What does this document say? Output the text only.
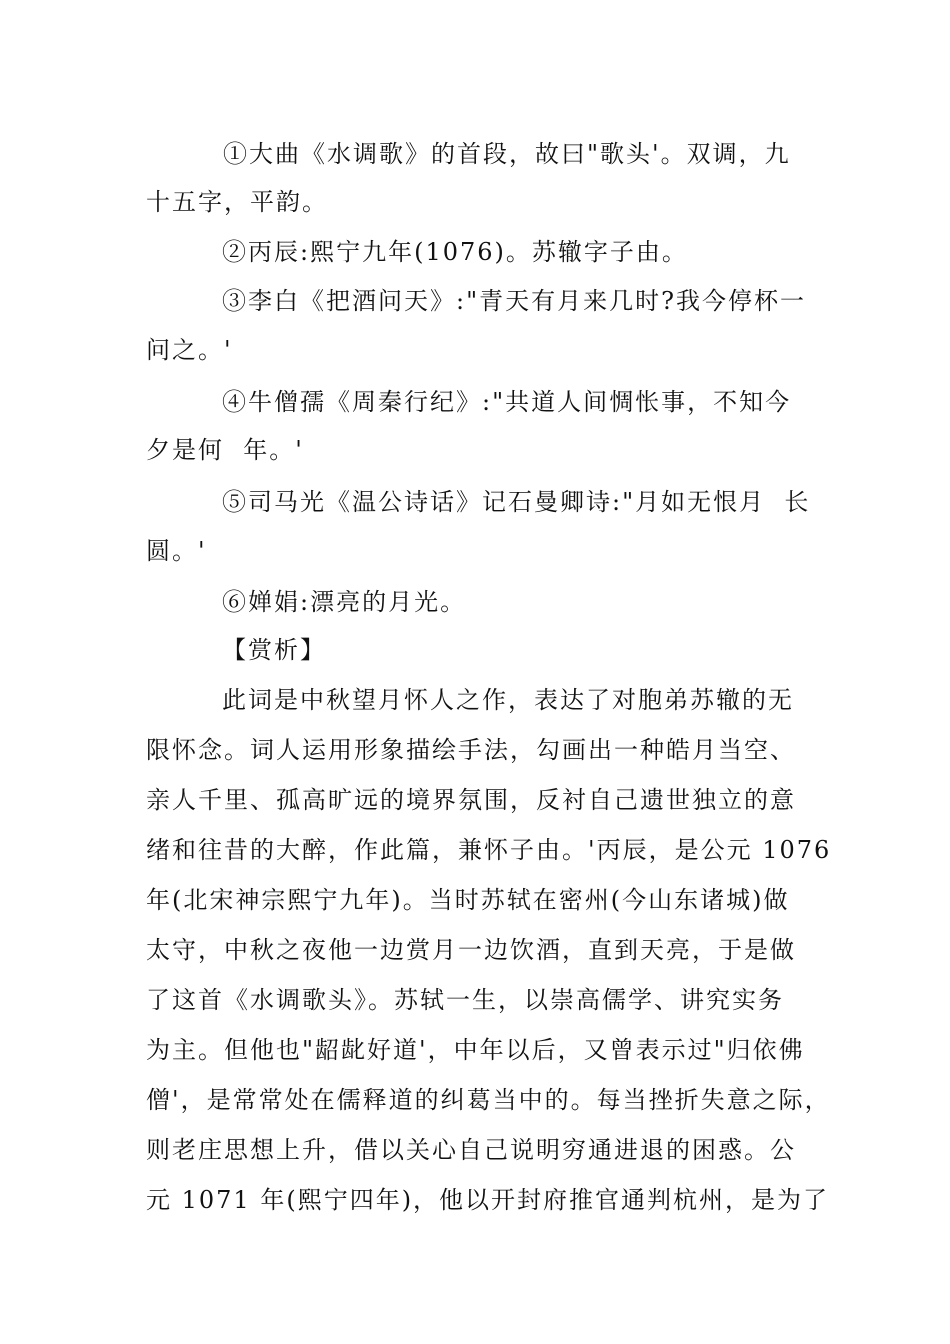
①大曲《水调歌》的首段，故曰"歌头'。双调，九
十五字，平韵。
②丙辰:熙宁九年(1076)。苏辙字子由。
③李白《把酒问天》:"青天有月来几时?我今停杯一
问之。'
④牛僧孺《周秦行纪》:"共道人间惆怅事，不知今
夕是何  年。'
⑤司马光《温公诗话》记石曼卿诗:"月如无恨月  长
圆。'
⑥婵娟:漂亮的月光。
【赏析】
此词是中秋望月怀人之作，表达了对胞弟苏辙的无
限怀念。词人运用形象描绘手法，勾画出一种皓月当空、
亲人千里、孤高旷远的境界氛围，反衬自己遗世独立的意
绪和往昔的大醉，作此篇，兼怀子由。'丙辰，是公元 1076
年(北宋神宗熙宁九年)。当时苏轼在密州(今山东诸城)做
太守，中秋之夜他一边赏月一边饮酒，直到天亮，于是做
了这首《水调歌头》。苏轼一生，以崇高儒学、讲究实务
为主。但他也"龆龀好道'，中年以后，又曾表示过"归依佛
僧'，是常常处在儒释道的纠葛当中的。每当挫折失意之际，
则老庄思想上升，借以关心自己说明穷通进退的困惑。公
元 1071 年(熙宁四年)，他以开封府推官通判杭州，是为了
